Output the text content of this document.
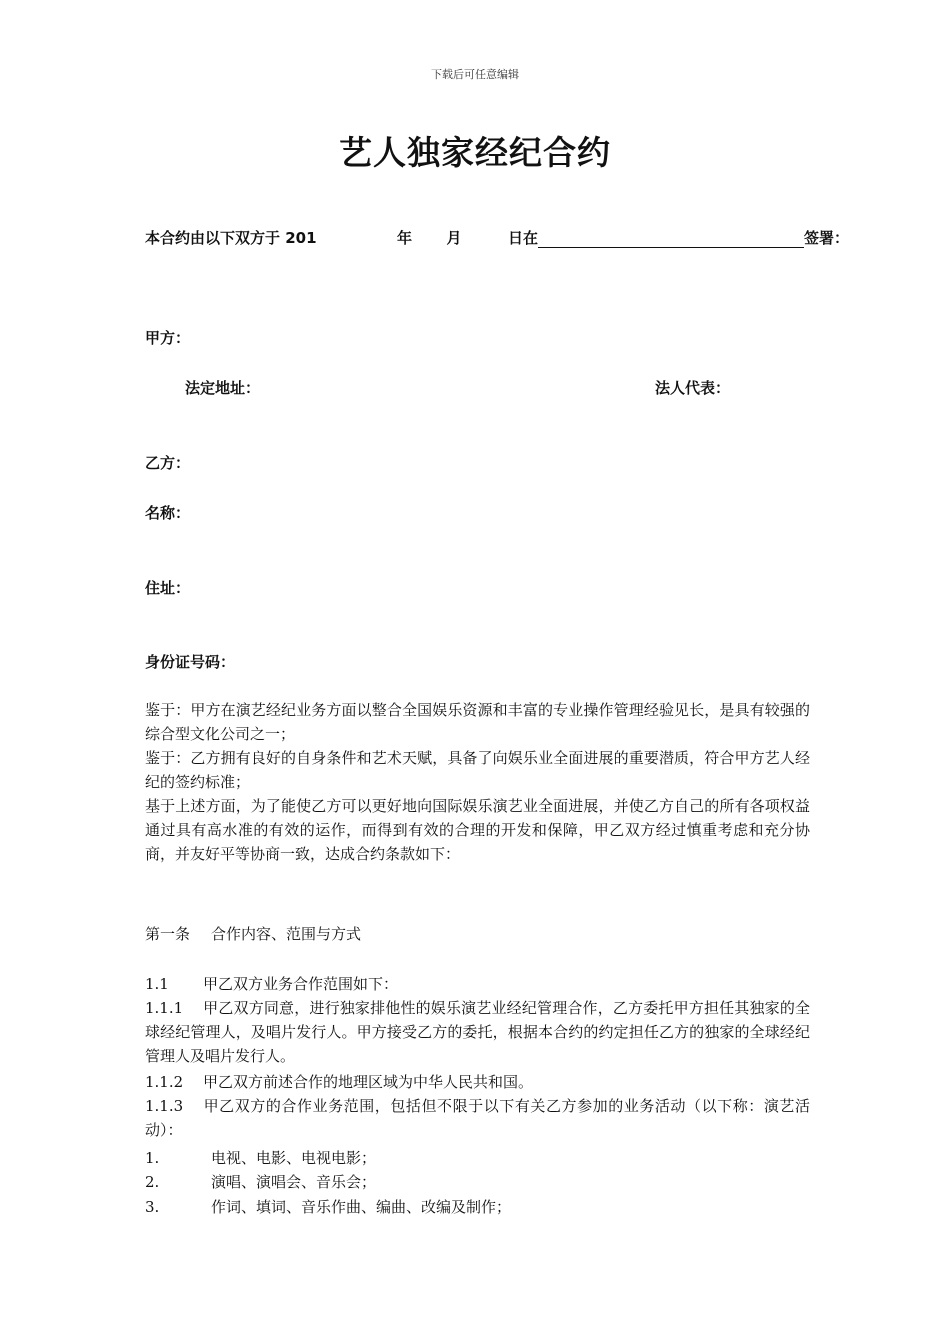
下载后可任意编辑
艺人独家经纪合约
本合约由以下双方于 201	年 月	日在	签署：
甲方：
法定地址：	法人代表：
乙方：
名称：
住址：
身份证号码：

鉴于：甲方在演艺经纪业务方面以整合全国娱乐资源和丰富的专业操作管理经验见长，是具有较强的综合型文化公司之一；

鉴于：乙方拥有良好的自身条件和艺术天赋，具备了向娱乐业全面进展的重要潜质，符合甲方艺人经纪的签约标准；

基于上述方面，为了能使乙方可以更好地向国际娱乐演艺业全面进展，并使乙方自己的所有各项权益通过具有高水准的有效的运作，而得到有效的合理的开发和保障，甲乙双方经过慎重考虑和充分协商，并友好平等协商一致，达成合约条款如下：

第一条 合作内容、范围与方式
1.1 甲乙双方业务合作范围如下：

1.1.1 甲乙双方同意，进行独家排他性的娱乐演艺业经纪管理合作，乙方委托甲方担任其独家的全球经纪管理人，及唱片发行人。甲方接受乙方的委托，根据本合约的约定担任乙方的独家的全球经纪管理人及唱片发行人。

1.1.2 甲乙双方前述合作的地理区域为中华人民共和国。

1.1.3 甲乙双方的合作业务范围，包括但不限于以下有关乙方参加的业务活动（以下称：演艺活动）：

1.	电视、电影、电视电影；
2.	演唱、演唱会、音乐会；
3.	作词、填词、音乐作曲、编曲、改编及制作；
